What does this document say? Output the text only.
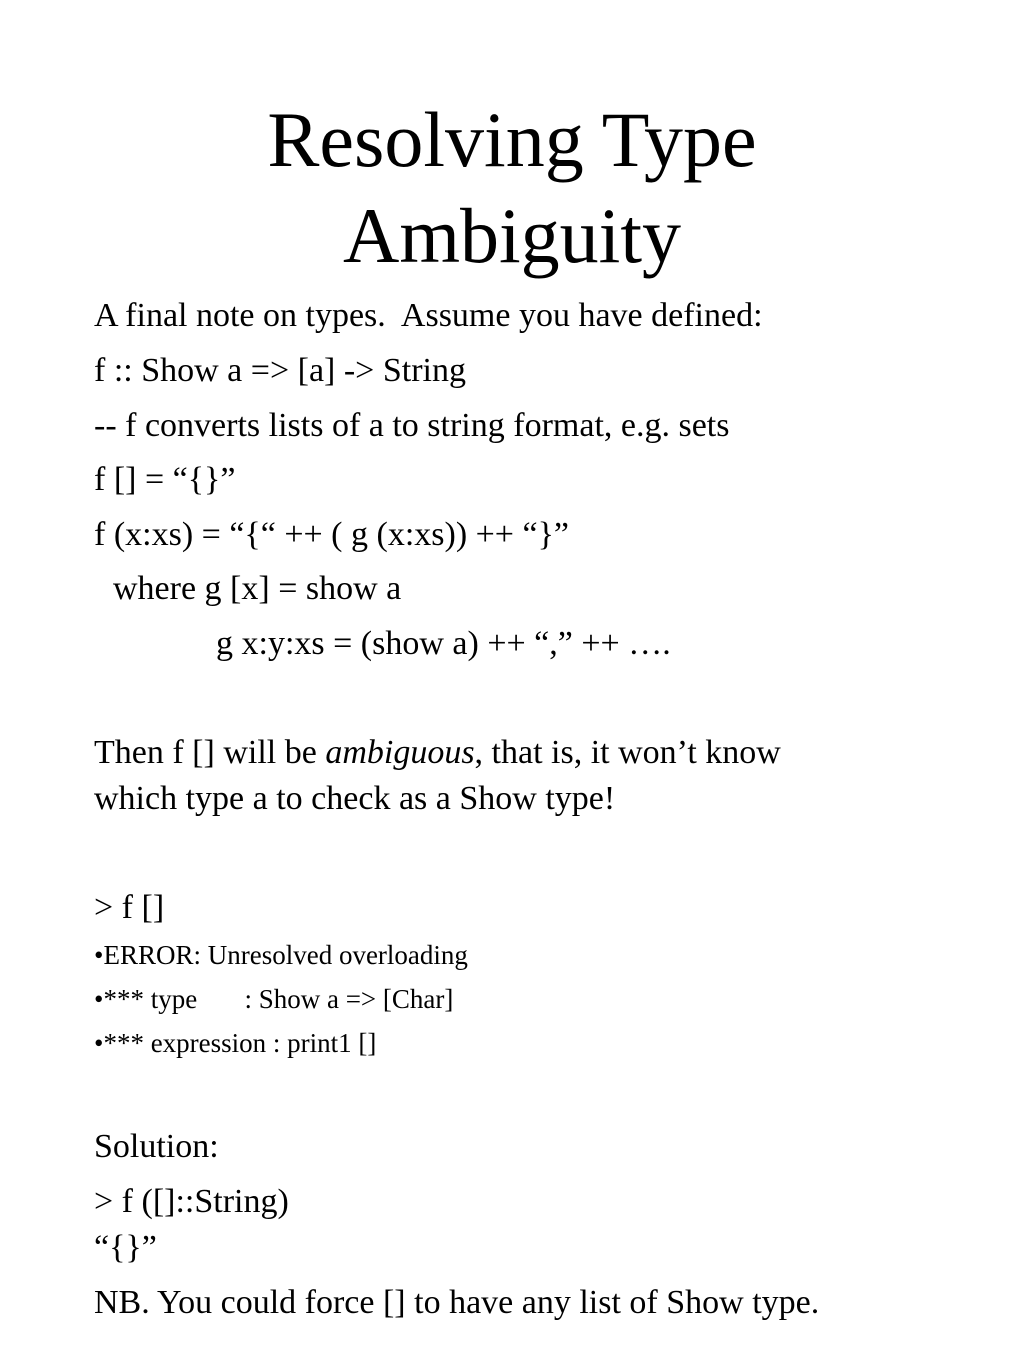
Resolving Type
Ambiguity
A final note on types.  Assume you have defined:
f :: Show a => [a] -> String
-- f converts lists of a to string format, e.g. sets
f [] = “{}”
f (x:xs) = “{“ ++ ( g (x:xs)) ++ “}”
where g [x] = show a
g x:y:xs = (show a) ++ “,” ++ ….
Then f [] will be ambiguous, that is, it won’t know
which type a to check as a Show type!
> f []
•ERROR: Unresolved overloading
•*** type       : Show a => [Char]
•*** expression : print1 []
Solution:
> f ([]::String)
“{}”
NB. You could force [] to have any list of Show type.
